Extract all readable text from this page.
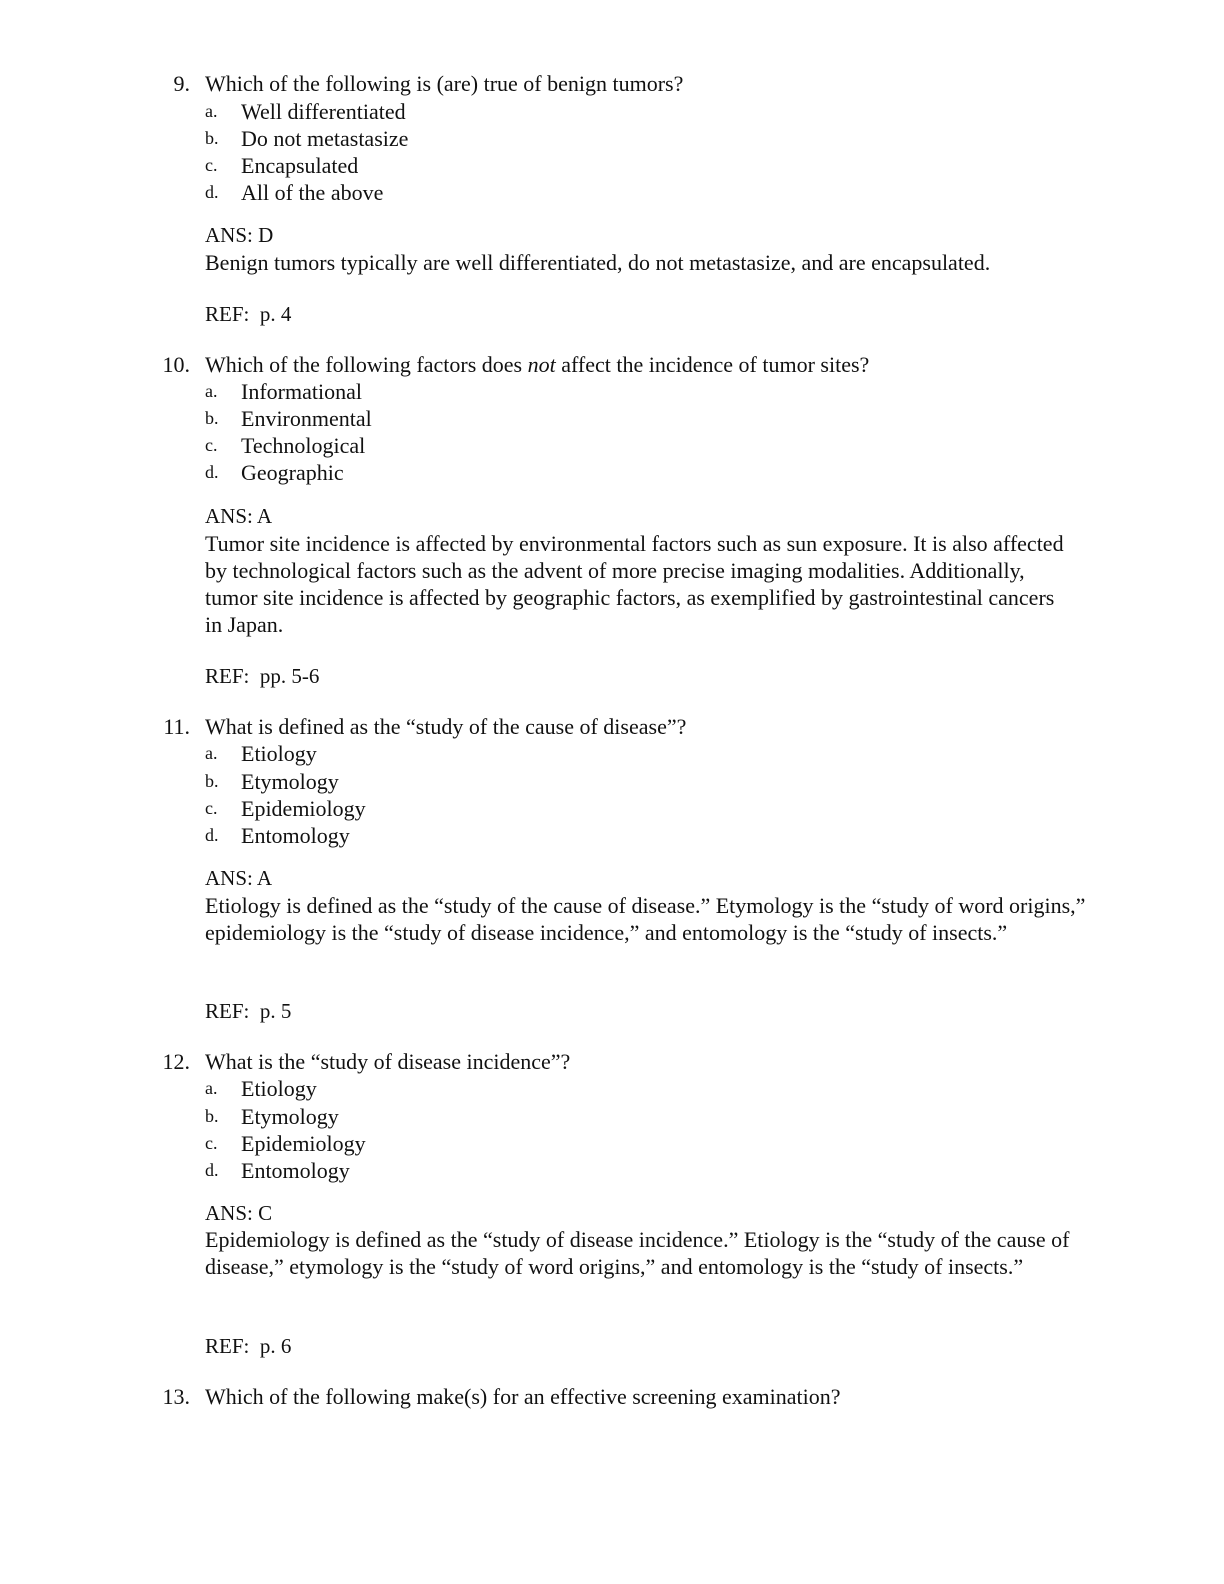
9. Which of the following is (are) true of benign tumors?
a. Well differentiated
b. Do not metastasize
c. Encapsulated
d. All of the above
ANS: D
Benign tumors typically are well differentiated, do not metastasize, and are encapsulated.
REF:  p. 4
10. Which of the following factors does not affect the incidence of tumor sites?
a. Informational
b. Environmental
c. Technological
d. Geographic
ANS: A
Tumor site incidence is affected by environmental factors such as sun exposure. It is also affected by technological factors such as the advent of more precise imaging modalities. Additionally, tumor site incidence is affected by geographic factors, as exemplified by gastrointestinal cancers in Japan.
REF:  pp. 5-6
11. What is defined as the “study of the cause of disease”?
a. Etiology
b. Etymology
c. Epidemiology
d. Entomology
ANS: A
Etiology is defined as the “study of the cause of disease.” Etymology is the “study of word origins,” epidemiology is the “study of disease incidence,” and entomology is the “study of insects.”
REF:  p. 5
12. What is the “study of disease incidence”?
a. Etiology
b. Etymology
c. Epidemiology
d. Entomology
ANS: C
Epidemiology is defined as the “study of disease incidence.” Etiology is the “study of the cause of disease,” etymology is the “study of word origins,” and entomology is the “study of insects.”
REF:  p. 6
13. Which of the following make(s) for an effective screening examination?
